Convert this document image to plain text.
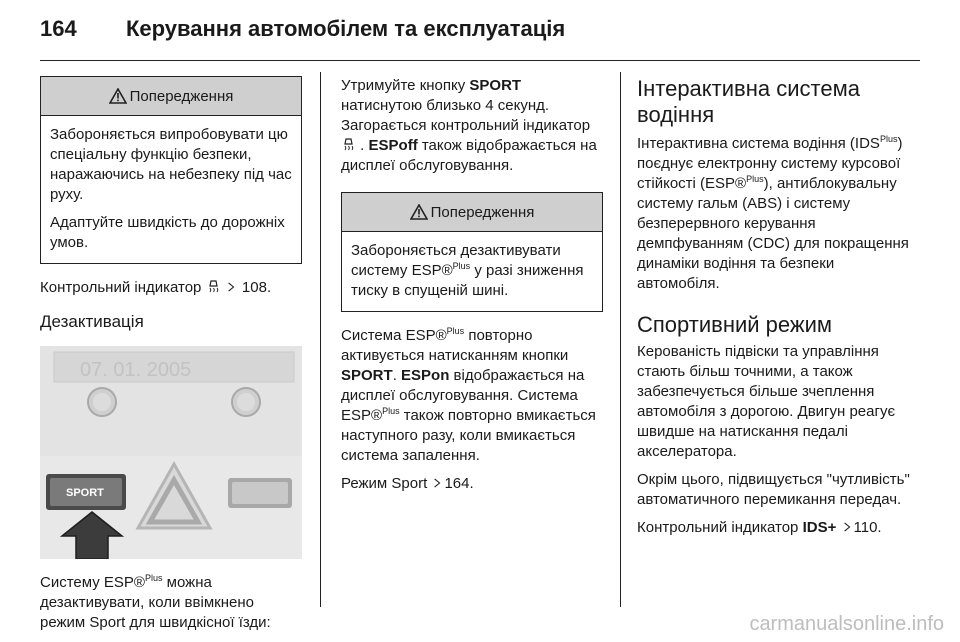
164 Керування автомобілем та експлуатація
Попередження

Забороняється випробовувати цю спеціальну функцію безпеки, наражаючись на небезпеку під час руху.

Адаптуйте швидкість до дорожніх умов.

Контрольний індикатор	108.

Дезактивація
07. 01. 2005
SPORT

Систему ESP®$^{Plus}$ можна дезактивувати, коли ввімкнено режим Sport для швидкісної їзди:

Утримуйте кнопку SPORT натиснутою близько 4 секунд. Загорається контрольний індикатор  . ESPoff також відображається на дисплеї обслуговування.

Попередження

Забороняється дезактивувати систему ESP®$^{Plus}$ у разі зниження тиску в спущеній шині.

Система ESP®$^{Plus}$ повторно активується натисканням кнопки SPORT. ESPon відображається на дисплеї обслуговування. Система ESP®$^{Plus}$ також повторно вмикається наступного разу, коли вмикається система запалення.

Режим Sport 164.

Інтерактивна система водіння

Інтерактивна система водіння $(IDS^{Plus})$ поєднує електронну систему курсової стійкості (ESP®$^{Plus}$), антиблокувальну систему гальм (ABS) і систему безперервного керування демпфуванням (CDC) для покращення динаміки водіння та безпеки автомобіля.

Спортивний режим

Керованість підвіски та управління стають більш точними, а також забезпечується більше зчеплення автомобіля з дорогою. Двигун реагує швидше на натискання педалі акселератора.

Окрім цього, підвищується "чутливість" автоматичного перемикання передач.

Контрольний індикатор IDS+ 110.

carmanualsonline.info
